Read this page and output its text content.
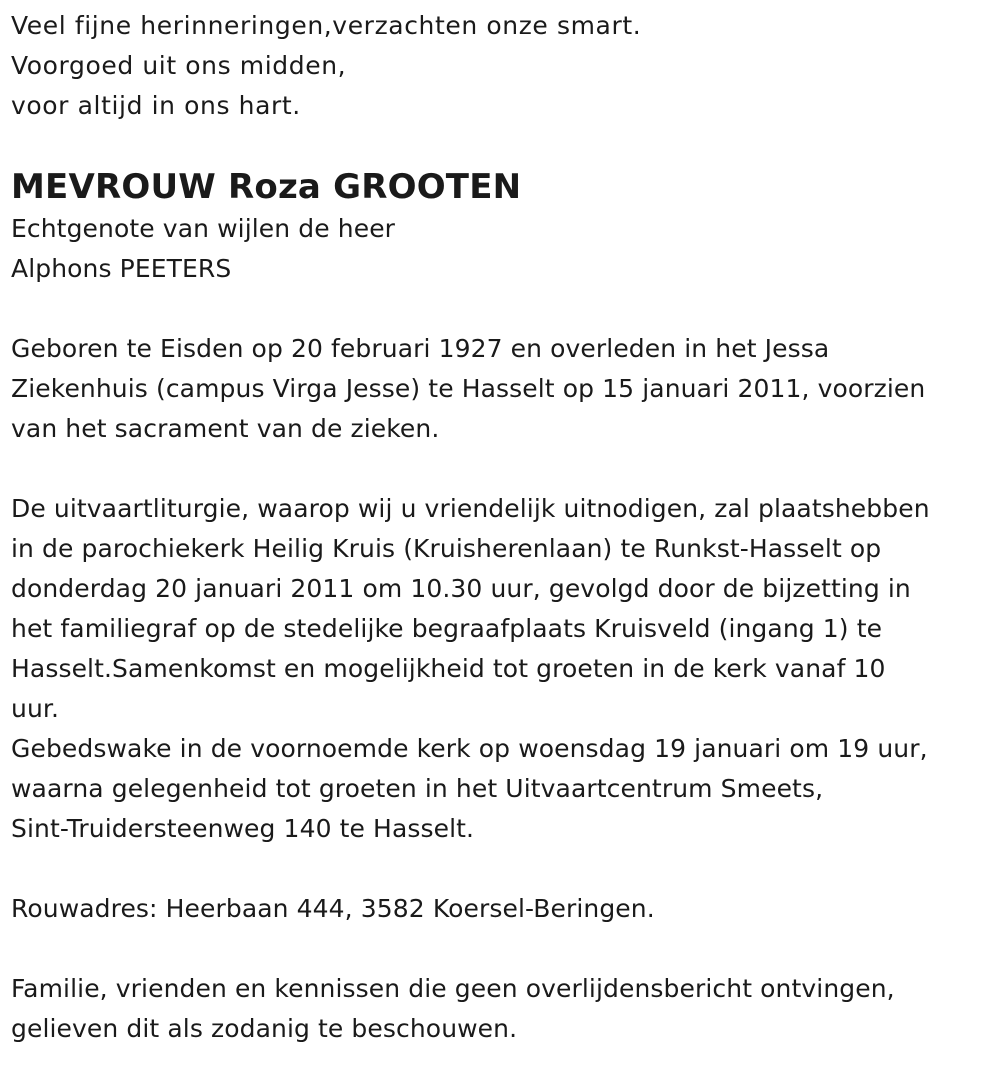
Veel fijne herinneringen,verzachten onze smart.
Voorgoed uit ons midden,
voor altijd in ons hart.
MEVROUW Roza GROOTEN
Echtgenote van wijlen de heer
Alphons PEETERS
Geboren te Eisden op 20 februari 1927 en overleden in het Jessa
Ziekenhuis (campus Virga Jesse) te Hasselt op 15 januari 2011, voorzien
van het sacrament van de zieken.
De uitvaartliturgie, waarop wij u vriendelijk uitnodigen, zal plaatshebben
in de parochiekerk Heilig Kruis (Kruisherenlaan) te Runkst-Hasselt op
donderdag 20 januari 2011 om 10.30 uur, gevolgd door de bijzetting in
het familiegraf op de stedelijke begraafplaats Kruisveld (ingang 1) te
Hasselt.Samenkomst en mogelijkheid tot groeten in de kerk vanaf 10
uur.
Gebedswake in de voornoemde kerk op woensdag 19 januari om 19 uur,
waarna gelegenheid tot groeten in het Uitvaartcentrum Smeets,
Sint-Truidersteenweg 140 te Hasselt.
Rouwadres: Heerbaan 444, 3582 Koersel-Beringen.
Familie, vrienden en kennissen die geen overlijdensbericht ontvingen,
gelieven dit als zodanig te beschouwen.
